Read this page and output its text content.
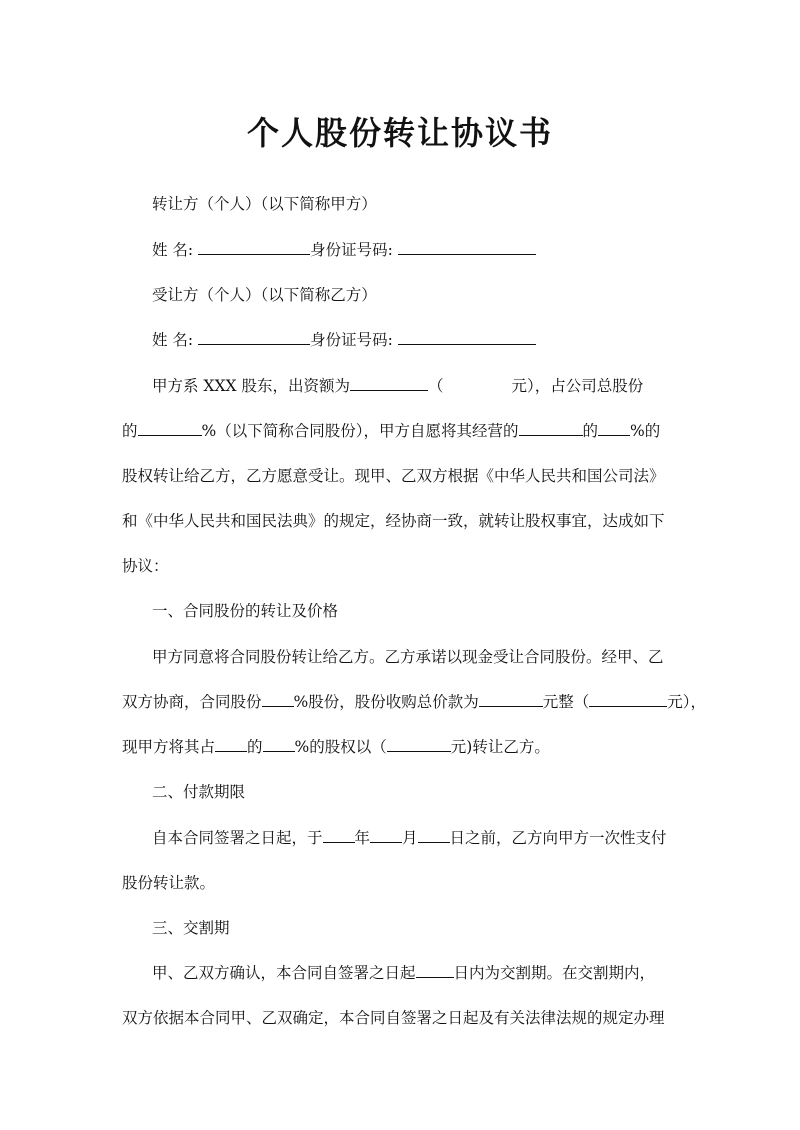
个人股份转让协议书

转让方（个人）（以下简称甲方）

姓 名:	身份证号码:

受让方（个人）（以下简称乙方）

姓 名:	身份证号码:

甲方系 XXX 股东，出资额为	（	元），占公司总股份

的	%（以下简称合同股份），甲方自愿将其经营的	的 %的

股权转让给乙方，乙方愿意受让。现甲、乙双方根据《中华人民共和国公司法》

和《中华人民共和国民法典》的规定，经协商一致，就转让股权事宜，达成如下

协议：

一、合同股份的转让及价格

甲方同意将合同股份转让给乙方。乙方承诺以现金受让合同股份。经甲、乙

双方协商，合同股份 %股份，股份收购总价款为	元整（	元），

现甲方将其占 的 %的股权以（	元)转让乙方。

二、付款期限

自本合同签署之日起，于 年 月 日之前，乙方向甲方一次性支付

股份转让款。

三、交割期

甲、乙双方确认，本合同自签署之日起 日内为交割期。在交割期内，

双方依据本合同甲、乙双确定，本合同自签署之日起及有关法律法规的规定办理
